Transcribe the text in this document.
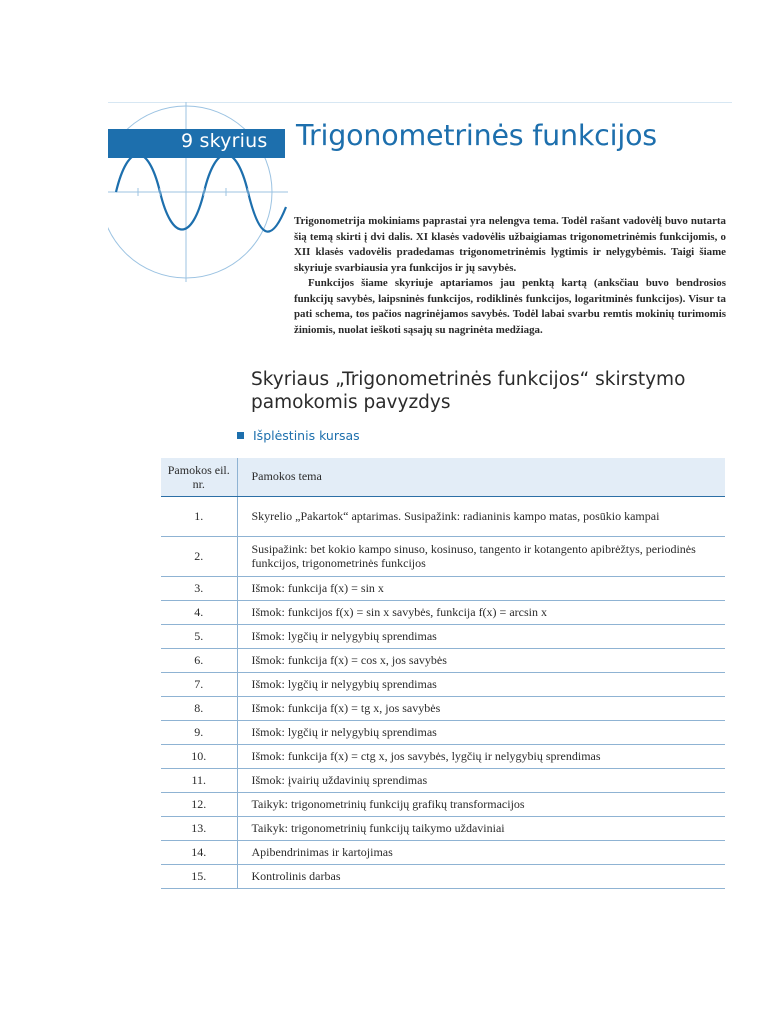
9 skyrius Trigonometrinės funkcijos

Trigonometrija mokiniams paprastai yra nelengva tema. Todėl rašant vadovėlį buvo nutarta šią temą skirti į dvi dalis. XI klasės vadovėlis užbaigiamas trigonometrinėmis funkcijomis, o XII klasės vadovėlis pradedamas trigonometrinėmis lygtimis ir nelygybėmis. Taigi šiame skyriuje svarbiausia yra funkcijos ir jų savybės.

Funkcijos šiame skyriuje aptariamos jau penktą kartą (anksčiau buvo bendrosios funkcijų savybės, laipsninės funkcijos, rodiklinės funkcijos, logaritminės funkcijos). Visur ta pati schema, tos pačios nagrinėjamos savybės. Todėl labai svarbu remtis mokinių turimomis žiniomis, nuolat ieškoti sąsajų su nagrinėta medžiaga.

Skyriaus „Trigonometrinės funkcijos“ skirstymo pamokomis pavyzdys
Išplėstinis kursas
Pamokos eil. nr.	Pamokos tema
1.	Skyrelio „Pakartok“ aptarimas. Susipažink: radianinis kampo matas, posūkio kampai
2.	Susipažink: bet kokio kampo sinuso, kosinuso, tangento ir kotangento apibrėžtys, periodinės funkcijos, trigonometrinės funkcijos
3.	Išmok: funkcija f(x) = sin x
4.	Išmok: funkcijos f(x) = sin x savybės, funkcija f(x) = arcsin x
5.	Išmok: lygčių ir nelygybių sprendimas
6.	Išmok: funkcija f(x) = cos x, jos savybės
7.	Išmok: lygčių ir nelygybių sprendimas
8.	Išmok: funkcija f(x) = tg x, jos savybės
9.	Išmok: lygčių ir nelygybių sprendimas
10.	Išmok: funkcija f(x) = ctg x, jos savybės, lygčių ir nelygybių sprendimas
11.	Išmok: įvairių uždavinių sprendimas
12.	Taikyk: trigonometrinių funkcijų grafikų transformacijos
13.	Taikyk: trigonometrinių funkcijų taikymo uždaviniai
14.	Apibendrinimas ir kartojimas
15.	Kontrolinis darbas
